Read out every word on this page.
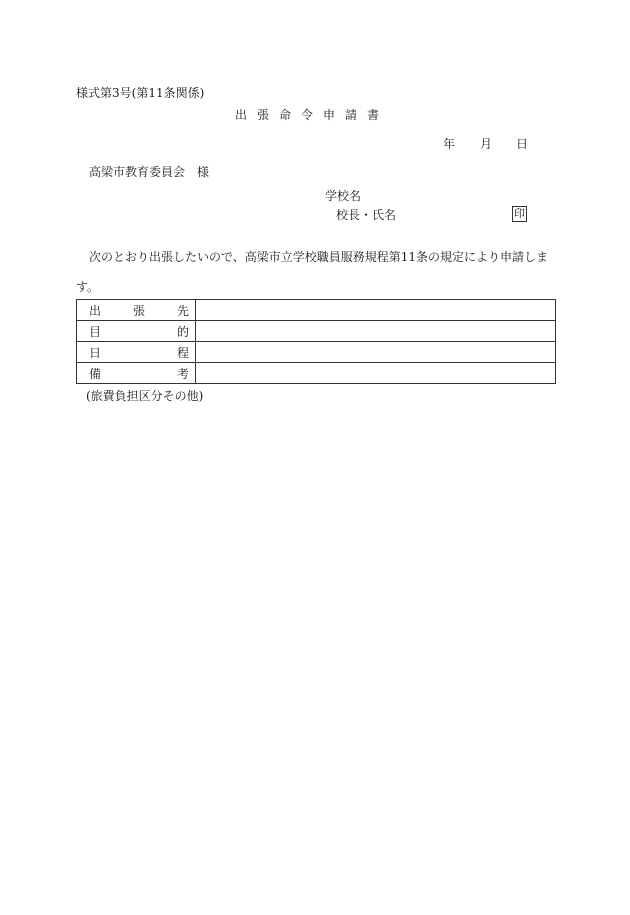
様式第3号(第11条関係)
出張命令申請書
年 月 日
高梁市教育委員会　様
学校名
校長・氏名	印
次のとおり出張したいので、高梁市立学校職員服務規程第11条の規定により申請しま
す。
出 張 先	

目 的	

日 程	

備 考	

(旅費負担区分その他)
